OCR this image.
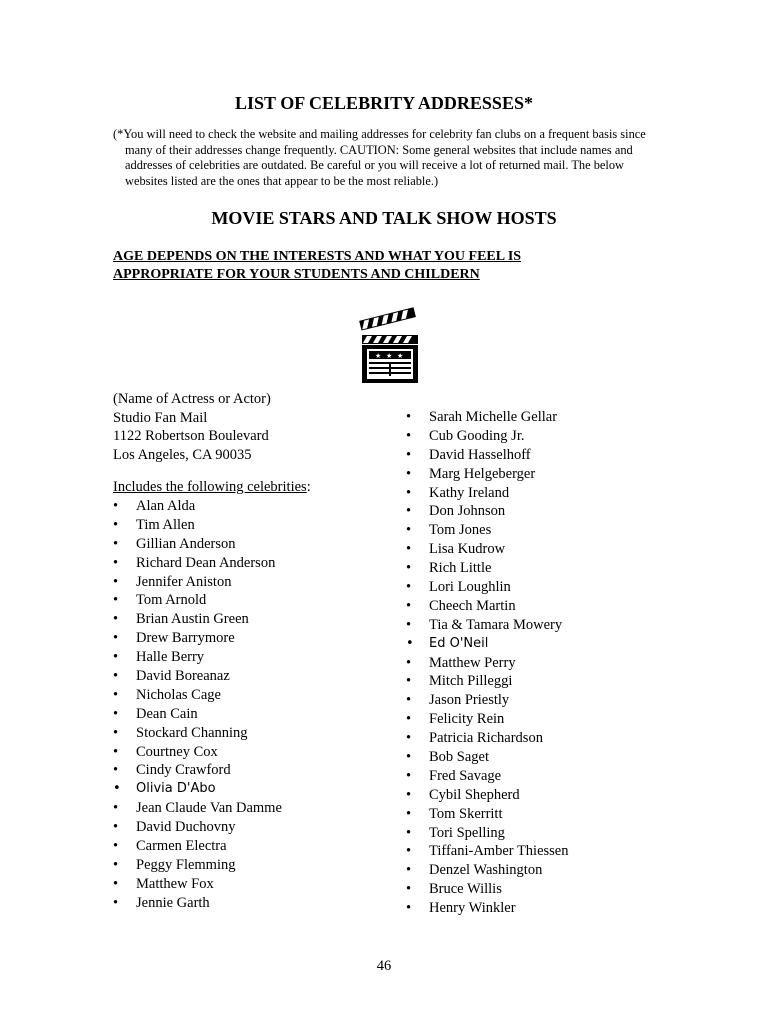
LIST OF CELEBRITY ADDRESSES*
(*You will need to check the website and mailing addresses for celebrity fan clubs on a frequent basis since
many of their addresses change frequently. CAUTION: Some general websites that include names and
addresses of celebrities are outdated. Be careful or you will receive a lot of returned mail. The below
websites listed are the ones that appear to be the most reliable.)
MOVIE STARS AND TALK SHOW HOSTS
AGE DEPENDS ON THE INTERESTS AND WHAT YOU FEEL IS
APPROPRIATE FOR YOUR STUDENTS AND CHILDERN
★ ★ ★
(Name of Actress or Actor)
Studio Fan Mail
1122 Robertson Boulevard
Los Angeles, CA 90035
Includes the following celebrities:
• Alan Alda
• Tim Allen
• Gillian Anderson
• Richard Dean Anderson
• Jennifer Aniston
• Tom Arnold
• Brian Austin Green
• Drew Barrymore
• Halle Berry
• David Boreanaz
• Nicholas Cage
• Dean Cain
• Stockard Channing
• Courtney Cox
• Cindy Crawford
• Olivia D'Abo
• Jean Claude Van Damme
• David Duchovny
• Carmen Electra
• Peggy Flemming
• Matthew Fox
• Jennie Garth
• Sarah Michelle Gellar
• Cub Gooding Jr.
• David Hasselhoff
• Marg Helgeberger
• Kathy Ireland
• Don Johnson
• Tom Jones
• Lisa Kudrow
• Rich Little
• Lori Loughlin
• Cheech Martin
• Tia & Tamara Mowery
• Ed O'Neil
• Matthew Perry
• Mitch Pilleggi
• Jason Priestly
• Felicity Rein
• Patricia Richardson
• Bob Saget
• Fred Savage
• Cybil Shepherd
• Tom Skerritt
• Tori Spelling
• Tiffani-Amber Thiessen
• Denzel Washington
• Bruce Willis
• Henry Winkler
46
